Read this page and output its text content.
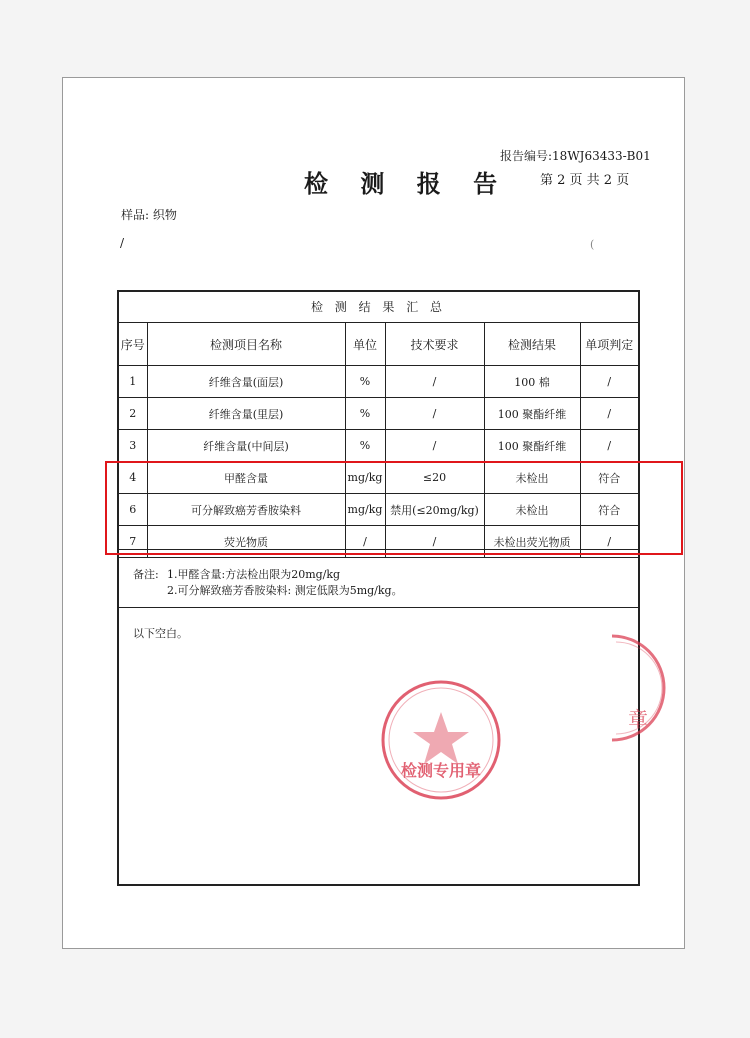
报告编号:18WJ63433-B01
检 测 报 告 第 2 页 共 2 页
样品: 织物
/	(
检 测 结 果 汇 总
序号	检测项目名称	单位	技术要求	检测结果	单项判定
1	纤维含量(面层)	%	/	100 棉	/
2	纤维含量(里层)	%	/	100 聚酯纤维	/
3	纤维含量(中间层)	%	/	100 聚酯纤维	/
4	甲醛含量	mg/kg	≤20	未检出	符合
6	可分解致癌芳香胺染料	mg/kg	禁用(≤20mg/kg)	未检出	符合
7	荧光物质	/	/	未检出荧光物质	/
备注: 1.甲醛含量:方法检出限为20mg/kg
2.可分解致癌芳香胺染料: 测定低限为5mg/kg。
以下空白。
检测专用章
章
